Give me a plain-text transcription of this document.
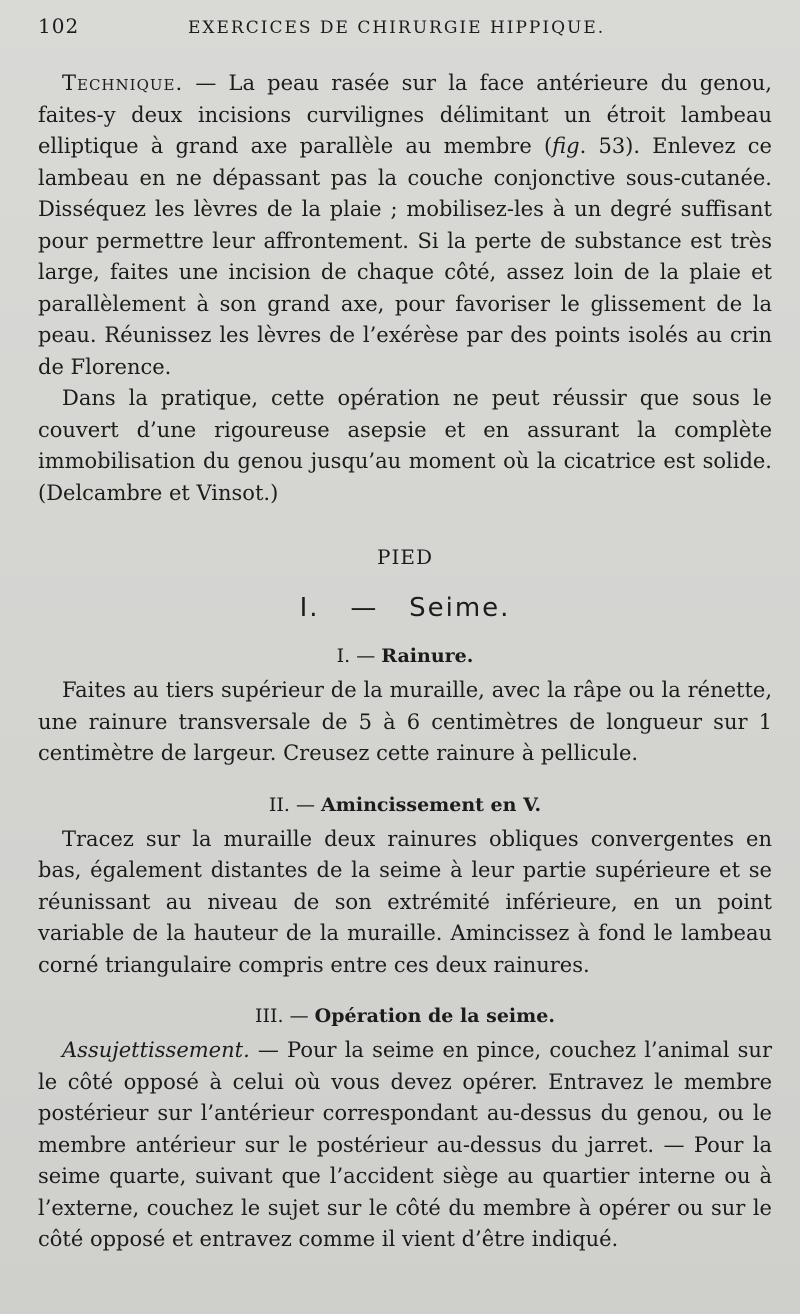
102	EXERCICES DE CHIRURGIE HIPPIQUE.

Technique. — La peau rasée sur la face antérieure du genou, faites-y deux incisions curvilignes délimitant un étroit lambeau elliptique à grand axe parallèle au membre (fig. 53). Enlevez ce lambeau en ne dépassant pas la couche conjonctive sous-cutanée. Disséquez les lèvres de la plaie ; mobilisez-les à un degré suffisant pour permettre leur affrontement. Si la perte de substance est très large, faites une incision de chaque côté, assez loin de la plaie et parallèlement à son grand axe, pour favoriser le glissement de la peau. Réunissez les lèvres de l’exérèse par des points isolés au crin de Florence.

Dans la pratique, cette opération ne peut réussir que sous le couvert d’une rigoureuse asepsie et en assurant la complète immobilisation du genou jusqu’au moment où la cicatrice est solide. (Delcambre et Vinsot.)

PIED
I. — Seime.
I. — Rainure.

Faites au tiers supérieur de la muraille, avec la râpe ou la rénette, une rainure transversale de 5 à 6 centimètres de longueur sur 1 centimètre de largeur. Creusez cette rainure à pellicule.

II. — Amincissement en V.

Tracez sur la muraille deux rainures obliques convergentes en bas, également distantes de la seime à leur partie supérieure et se réunissant au niveau de son extrémité inférieure, en un point variable de la hauteur de la muraille. Amincissez à fond le lambeau corné triangulaire compris entre ces deux rainures.

III. — Opération de la seime.

Assujettissement. — Pour la seime en pince, couchez l’animal sur le côté opposé à celui où vous devez opérer. Entravez le membre postérieur sur l’antérieur correspondant au-dessus du genou, ou le membre antérieur sur le postérieur au-dessus du jarret. — Pour la seime quarte, suivant que l’accident siège au quartier interne ou à l’externe, couchez le sujet sur le côté du membre à opérer ou sur le côté opposé et entravez comme il vient d’être indiqué.
